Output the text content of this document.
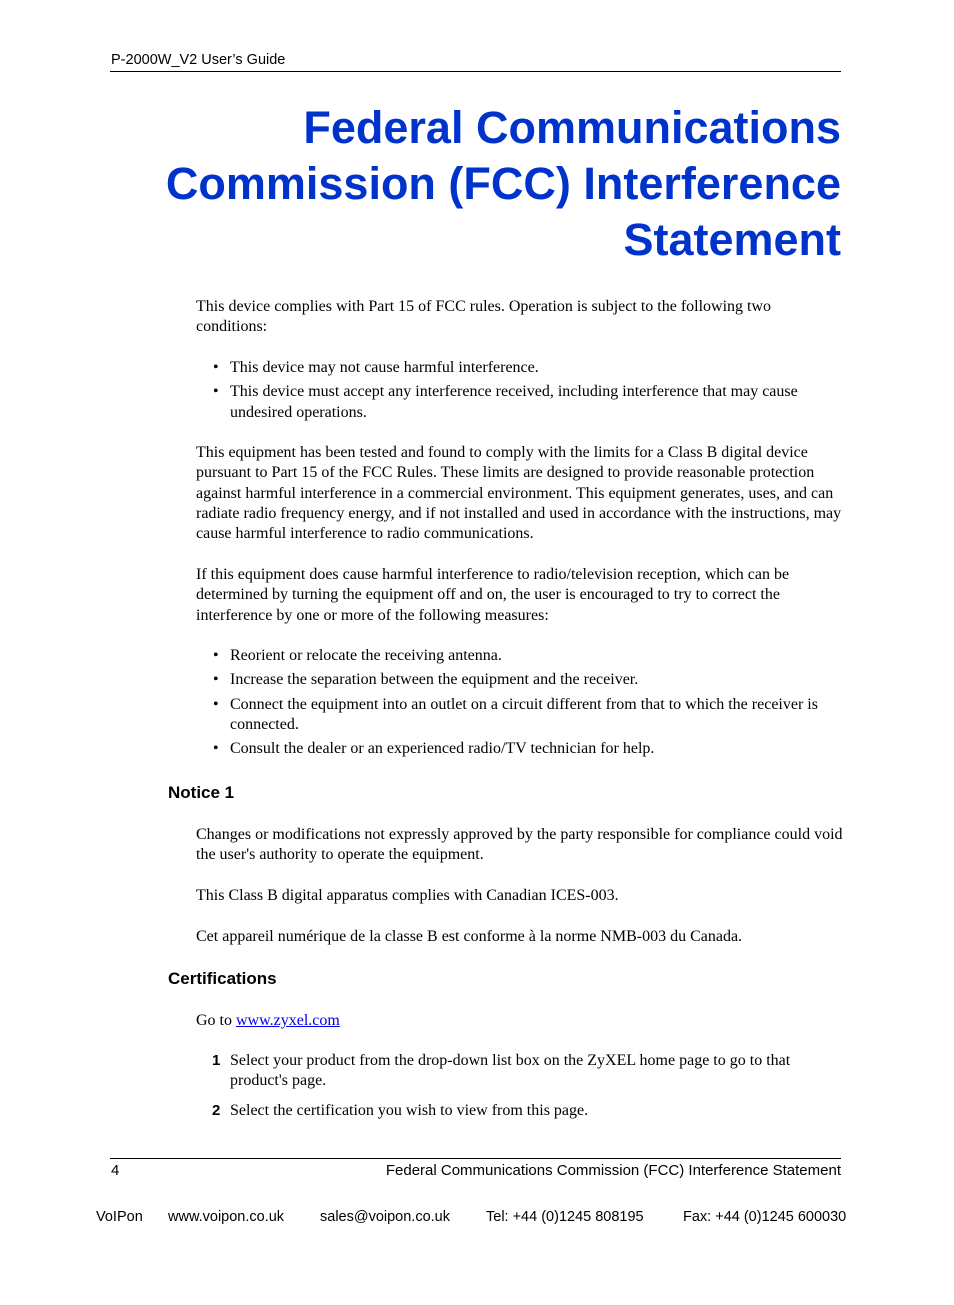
P-2000W_V2 User’s Guide
Federal Communications
Commission (FCC) Interference
Statement
This device complies with Part 15 of FCC rules. Operation is subject to the following two conditions:
• This device may not cause harmful interference.
• This device must accept any interference received, including interference that may cause undesired operations.
This equipment has been tested and found to comply with the limits for a Class B digital device pursuant to Part 15 of the FCC Rules. These limits are designed to provide reasonable protection against harmful interference in a commercial environment. This equipment generates, uses, and can radiate radio frequency energy, and if not installed and used in accordance with the instructions, may cause harmful interference to radio communications.
If this equipment does cause harmful interference to radio/television reception, which can be determined by turning the equipment off and on, the user is encouraged to try to correct the interference by one or more of the following measures:
• Reorient or relocate the receiving antenna.
• Increase the separation between the equipment and the receiver.
• Connect the equipment into an outlet on a circuit different from that to which the receiver is connected.
• Consult the dealer or an experienced radio/TV technician for help.
Notice 1
Changes or modifications not expressly approved by the party responsible for compliance could void the user's authority to operate the equipment.
This Class B digital apparatus complies with Canadian ICES-003.
Cet appareil numérique de la classe B est conforme à la norme NMB-003 du Canada.
Certifications
Go to www.zyxel.com
1 Select your product from the drop-down list box on the ZyXEL home page to go to that product's page.
2 Select the certification you wish to view from this page.
4	Federal Communications Commission (FCC) Interference Statement

VoIPon

www.voipon.co.uk

sales@voipon.co.uk

Tel: +44 (0)1245 808195

	Fax: +44 (0)1245 600030
